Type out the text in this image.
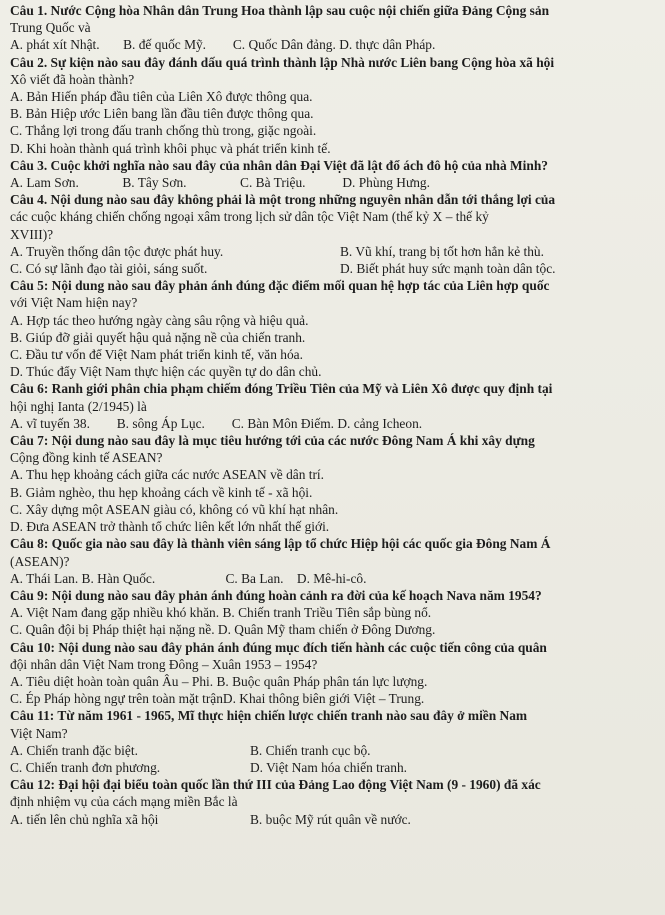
Câu 1. Nước Cộng hòa Nhân dân Trung Hoa thành lập sau cuộc nội chiến giữa Đảng Cộng sản
Trung Quốc và
A. phát xít Nhật. B. đế quốc Mỹ. C. Quốc Dân đảng. D. thực dân Pháp.
Câu 2. Sự kiện nào sau đây đánh dấu quá trình thành lập Nhà nước Liên bang Cộng hòa xã hội
Xô viết đã hoàn thành?
A. Bản Hiến pháp đầu tiên của Liên Xô được thông qua.
B. Bản Hiệp ước Liên bang lần đầu tiên được thông qua.
C. Thắng lợi trong đấu tranh chống thù trong, giặc ngoài.
D. Khi hoàn thành quá trình khôi phục và phát triển kinh tế.
Câu 3. Cuộc khởi nghĩa nào sau đây của nhân dân Đại Việt đã lật đổ ách đô hộ của nhà Minh?
A. Lam Sơn.	B. Tây Sơn.	C. Bà Triệu.	D. Phùng Hưng.
Câu 4. Nội dung nào sau đây không phải là một trong những nguyên nhân dẫn tới thắng lợi của
các cuộc kháng chiến chống ngoại xâm trong lịch sử dân tộc Việt Nam (thế kỷ X – thế kỷ
XVIII)?
A. Truyền thống dân tộc được phát huy.	B. Vũ khí, trang bị tốt hơn hẳn kẻ thù.
C. Có sự lãnh đạo tài giỏi, sáng suốt.	D. Biết phát huy sức mạnh toàn dân tộc.
Câu 5: Nội dung nào sau đây phản ánh đúng đặc điểm mối quan hệ hợp tác của Liên hợp quốc
với Việt Nam hiện nay?
A. Hợp tác theo hướng ngày càng sâu rộng và hiệu quả.
B. Giúp đỡ giải quyết hậu quả nặng nề của chiến tranh.
C. Đầu tư vốn để Việt Nam phát triển kinh tế, văn hóa.
D. Thúc đẩy Việt Nam thực hiện các quyền tự do dân chủ.
Câu 6: Ranh giới phân chia phạm chiếm đóng Triều Tiên của Mỹ và Liên Xô được quy định tại
hội nghị Ianta (2/1945) là
A. vĩ tuyến 38. B. sông Áp Lục. C. Bàn Môn Điếm. D. cảng Icheon.
Câu 7: Nội dung nào sau đây là mục tiêu hướng tới của các nước Đông Nam Á khi xây dựng
Cộng đồng kinh tế ASEAN?
A. Thu hẹp khoảng cách giữa các nước ASEAN về dân trí.
B. Giảm nghèo, thu hẹp khoảng cách về kinh tế - xã hội.
C. Xây dựng một ASEAN giàu có, không có vũ khí hạt nhân.
D. Đưa ASEAN trở thành tổ chức liên kết lớn nhất thế giới.
Câu 8: Quốc gia nào sau đây là thành viên sáng lập tổ chức Hiệp hội các quốc gia Đông Nam Á
(ASEAN)?
A. Thái Lan. B. Hàn Quốc.	C. Ba Lan. D. Mê-hi-cô.
Câu 9: Nội dung nào sau đây phản ánh đúng hoàn cảnh ra đời của kế hoạch Nava năm 1954?
A. Việt Nam đang gặp nhiều khó khăn. B. Chiến tranh Triều Tiên sắp bùng nổ.
C. Quân đội bị Pháp thiệt hại nặng nề. D. Quân Mỹ tham chiến ở Đông Dương.
Câu 10: Nội dung nào sau đây phản ánh đúng mục đích tiến hành các cuộc tiến công của quân
đội nhân dân Việt Nam trong Đông – Xuân 1953 – 1954?
A. Tiêu diệt hoàn toàn quân Âu – Phi. B. Buộc quân Pháp phân tán lực lượng.
C. Ép Pháp hòng ngự trên toàn mặt trậnD. Khai thông biên giới Việt – Trung.
Câu 11: Từ năm 1961 - 1965, Mĩ thực hiện chiến lược chiến tranh nào sau đây ở miền Nam
Việt Nam?
A. Chiến tranh đặc biệt.	B. Chiến tranh cục bộ.
C. Chiến tranh đơn phương.	D. Việt Nam hóa chiến tranh.
Câu 12: Đại hội đại biểu toàn quốc lần thứ III của Đảng Lao động Việt Nam (9 - 1960) đã xác
định nhiệm vụ của cách mạng miền Bắc là
A. tiến lên chủ nghĩa xã hội	B. buộc Mỹ rút quân về nước.
